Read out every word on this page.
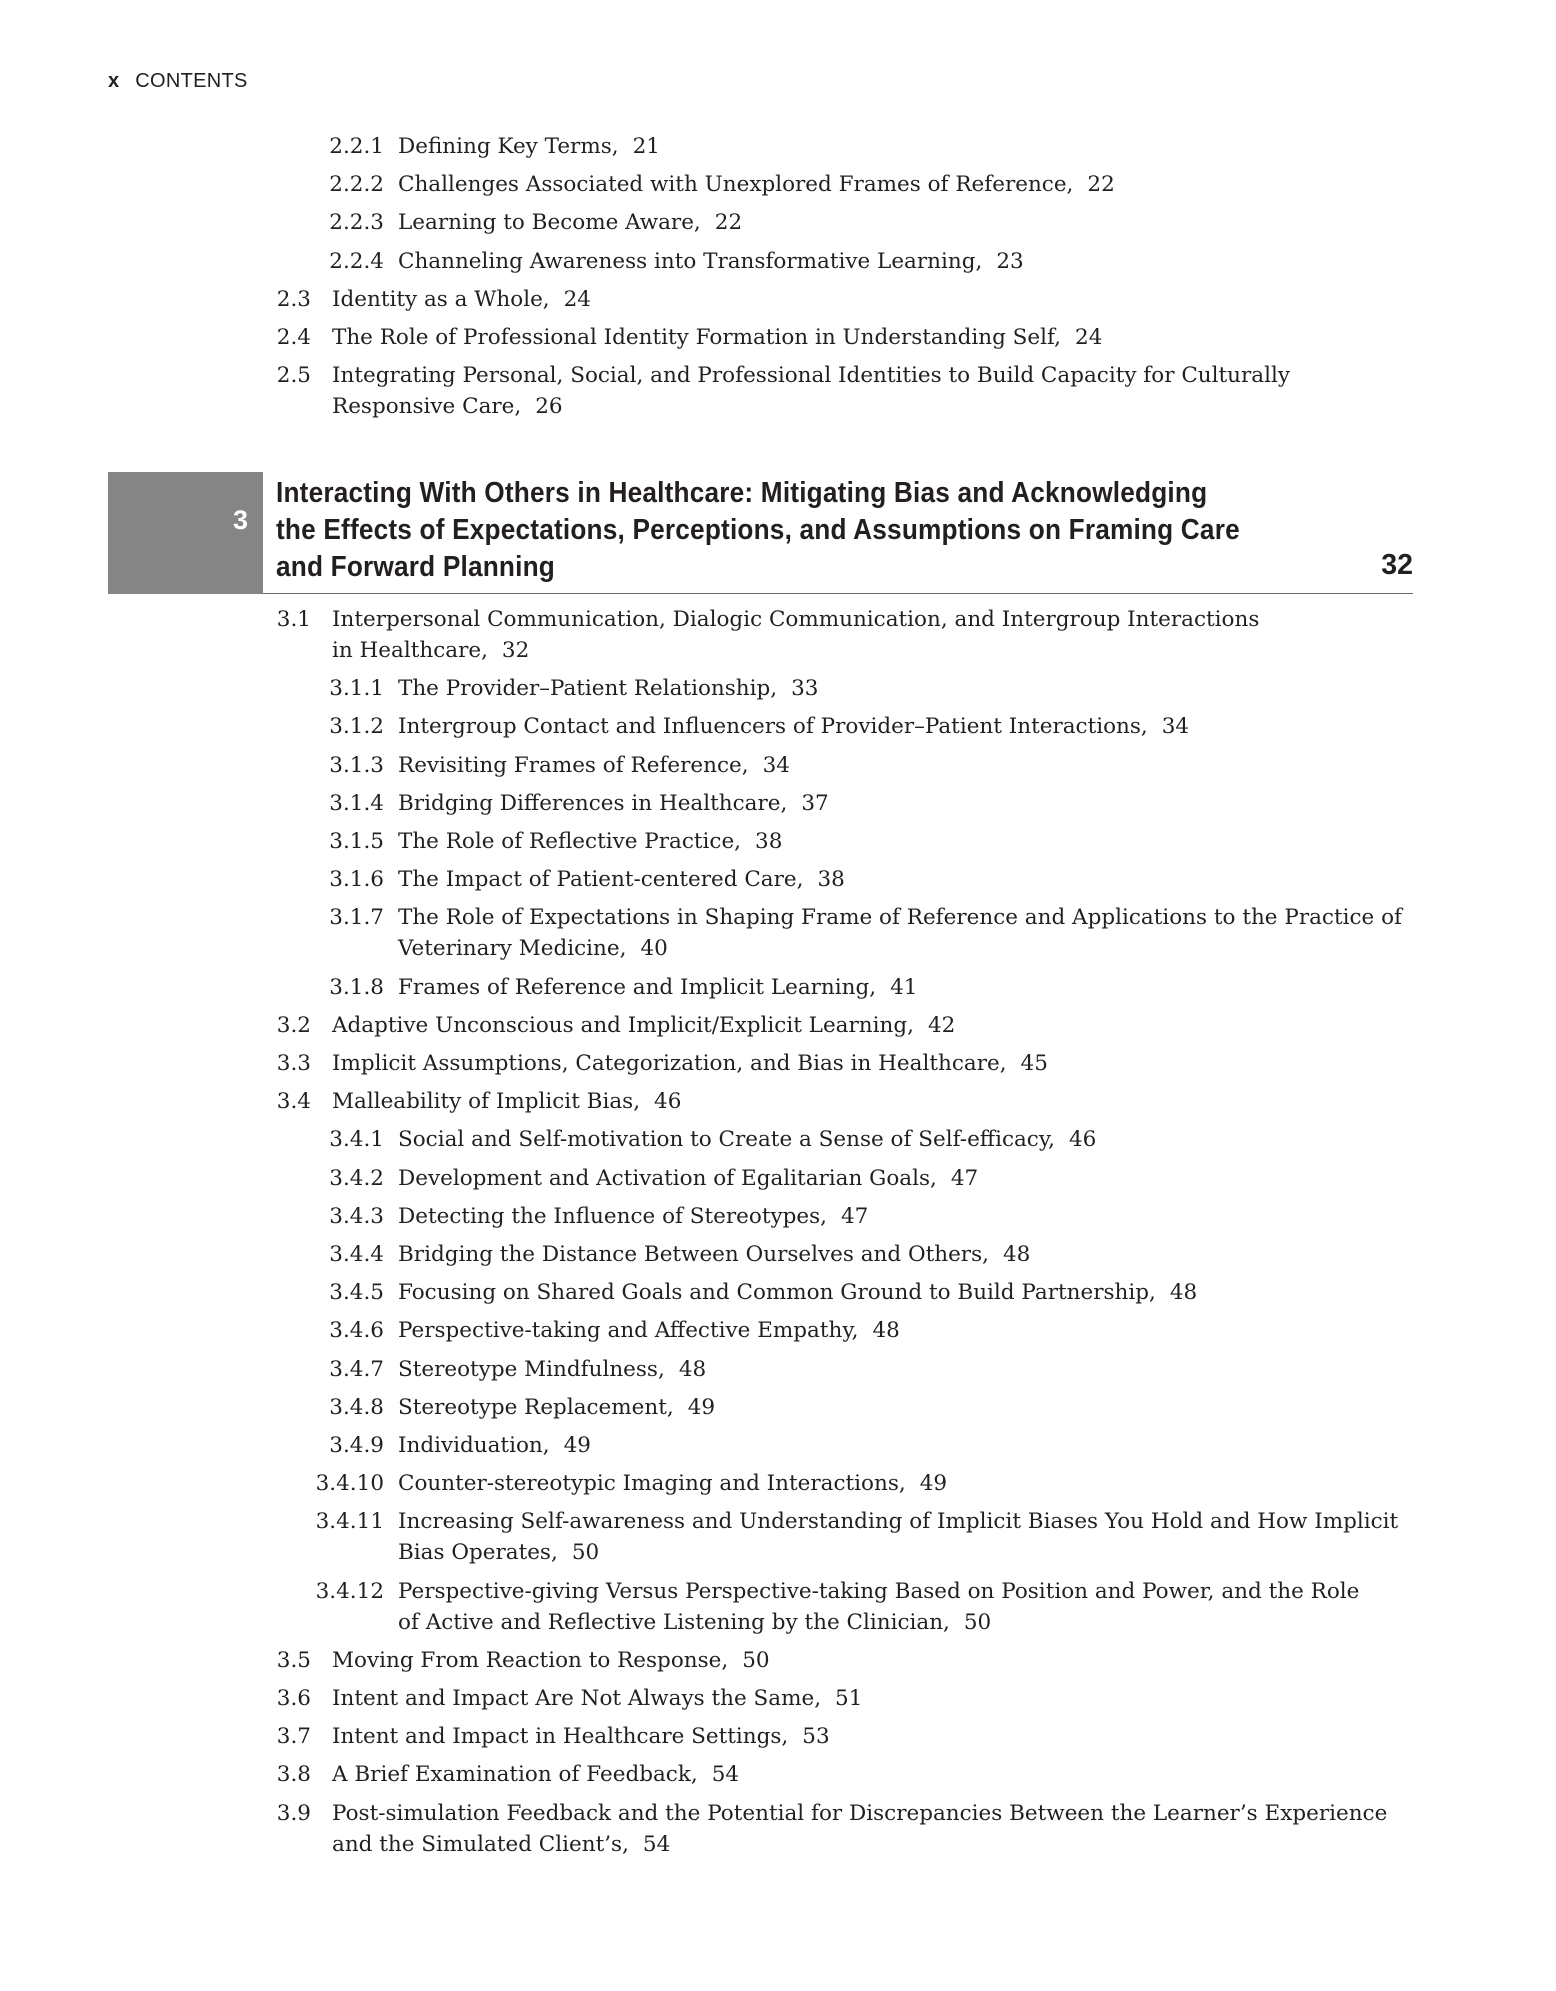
x CONTENTS
2.2.1 Defining Key Terms, 21
2.2.2 Challenges Associated with Unexplored Frames of Reference, 22
2.2.3 Learning to Become Aware, 22
2.2.4 Channeling Awareness into Transformative Learning, 23
2.3 Identity as a Whole, 24
2.4 The Role of Professional Identity Formation in Understanding Self, 24
2.5 Integrating Personal, Social, and Professional Identities to Build Capacity for Culturally
Responsive Care, 26
3.1 Interpersonal Communication, Dialogic Communication, and Intergroup Interactions
in Healthcare, 32
3.1.1 The Provider–Patient Relationship, 33
3.1.2 Intergroup Contact and Influencers of Provider–Patient Interactions, 34
3.1.3 Revisiting Frames of Reference, 34
3.1.4 Bridging Differences in Healthcare, 37
3.1.5 The Role of Reflective Practice, 38
3.1.6 The Impact of Patient-centered Care, 38
3.1.7 The Role of Expectations in Shaping Frame of Reference and Applications to the Practice of
Veterinary Medicine, 40
3.1.8 Frames of Reference and Implicit Learning, 41
3.2 Adaptive Unconscious and Implicit/Explicit Learning, 42
3.3 Implicit Assumptions, Categorization, and Bias in Healthcare, 45
3.4 Malleability of Implicit Bias, 46
3.4.1 Social and Self-motivation to Create a Sense of Self-efficacy, 46
3.4.2 Development and Activation of Egalitarian Goals, 47
3.4.3 Detecting the Influence of Stereotypes, 47
3.4.4 Bridging the Distance Between Ourselves and Others, 48
3.4.5 Focusing on Shared Goals and Common Ground to Build Partnership, 48
3.4.6 Perspective-taking and Affective Empathy, 48
3.4.7 Stereotype Mindfulness, 48
3.4.8 Stereotype Replacement, 49
3.4.9 Individuation, 49
3.4.10 Counter-stereotypic Imaging and Interactions, 49
3.4.11 Increasing Self-awareness and Understanding of Implicit Biases You Hold and How Implicit
Bias Operates, 50
3.4.12 Perspective-giving Versus Perspective-taking Based on Position and Power, and the Role
of Active and Reflective Listening by the Clinician, 50
3.5 Moving From Reaction to Response, 50
3.6 Intent and Impact Are Not Always the Same, 51
3.7 Intent and Impact in Healthcare Settings, 53
3.8 A Brief Examination of Feedback, 54
3.9 Post-simulation Feedback and the Potential for Discrepancies Between the Learner’s Experience
and the Simulated Client’s, 54
3
Interacting With Others in Healthcare: Mitigating Bias and Acknowledging
the Effects of Expectations, Perceptions, and Assumptions on Framing Care
and Forward Planning	32
